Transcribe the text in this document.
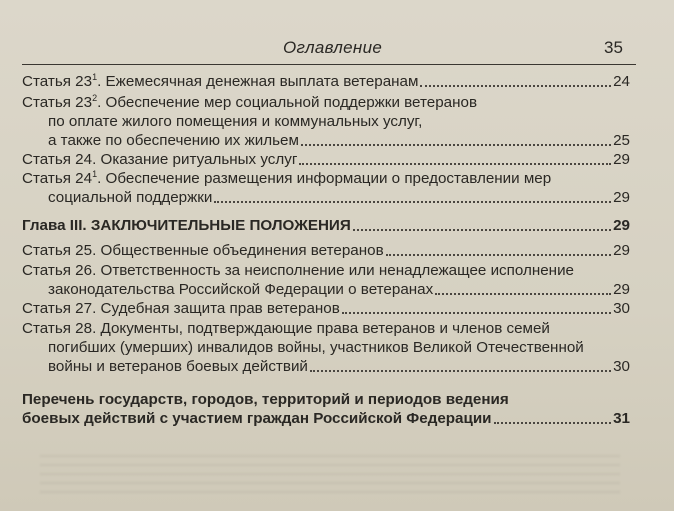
Оглавление	35
Статья $23^1$. Ежемесячная денежная выплата ветеранам	24
Статья $23^2$. Обеспечение мер социальной поддержки ветеранов
по оплате жилого помещения и коммунальных услуг,
а также по обеспечению их жильем	25
Статья 24. Оказание ритуальных услуг	29
Статья $24^1$. Обеспечение размещения информации о предоставлении мер
социальной поддержки	29
Глава III. ЗАКЛЮЧИТЕЛЬНЫЕ ПОЛОЖЕНИЯ	29
Статья 25. Общественные объединения ветеранов	29
Статья 26. Ответственность за неисполнение или ненадлежащее исполнение
законодательства Российской Федерации о ветеранах	29
Статья 27. Судебная защита прав ветеранов	30
Статья 28. Документы, подтверждающие права ветеранов и членов семей
погибших (умерших) инвалидов войны, участников Великой Отечественной
войны и ветеранов боевых действий	30
Перечень государств, городов, территорий и периодов ведения
боевых действий с участием граждан Российской Федерации	31
